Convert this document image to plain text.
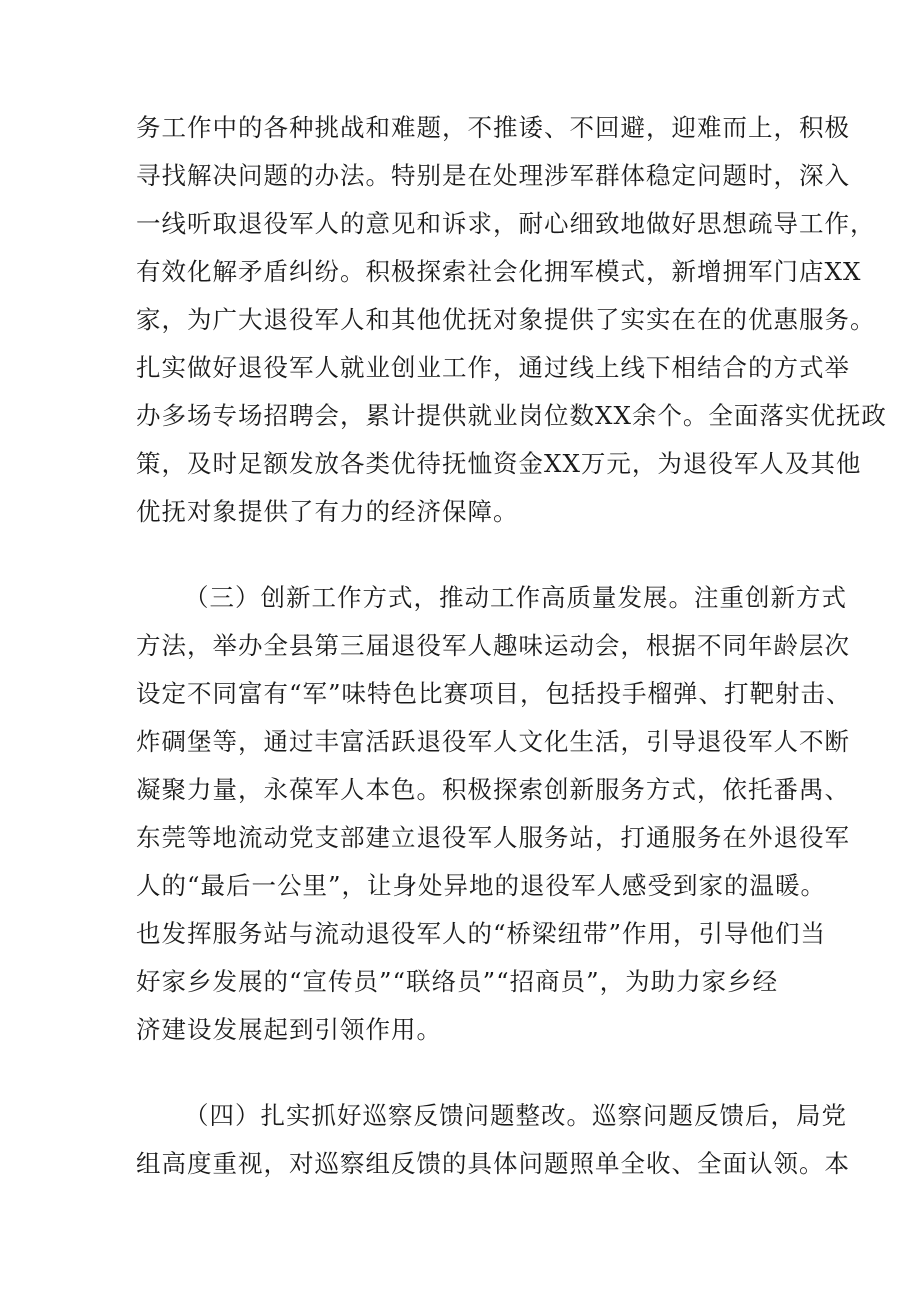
务工作中的各种挑战和难题，不推诿、不回避，迎难而上，积极
寻找解决问题的办法。特别是在处理涉军群体稳定问题时，深入
一线听取退役军人的意见和诉求，耐心细致地做好思想疏导工作，
有效化解矛盾纠纷。积极探索社会化拥军模式，新增拥军门店XX
家，为广大退役军人和其他优抚对象提供了实实在在的优惠服务。
扎实做好退役军人就业创业工作，通过线上线下相结合的方式举
办多场专场招聘会，累计提供就业岗位数XX余个。全面落实优抚政
策，及时足额发放各类优待抚恤资金XX万元，为退役军人及其他
优抚对象提供了有力的经济保障。
（三）创新工作方式，推动工作高质量发展。注重创新方式
方法，举办全县第三届退役军人趣味运动会，根据不同年龄层次
设定不同富有“军”味特色比赛项目，包括投手榴弹、打靶射击、
炸碉堡等，通过丰富活跃退役军人文化生活，引导退役军人不断
凝聚力量，永葆军人本色。积极探索创新服务方式，依托番禺、
东莞等地流动党支部建立退役军人服务站，打通服务在外退役军
人的“最后一公里”，让身处异地的退役军人感受到家的温暖。
也发挥服务站与流动退役军人的“桥梁纽带”作用，引导他们当
好家乡发展的“宣传员”“联络员”“招商员”，为助力家乡经
济建设发展起到引领作用。
（四）扎实抓好巡察反馈问题整改。巡察问题反馈后，局党
组高度重视，对巡察组反馈的具体问题照单全收、全面认领。本
